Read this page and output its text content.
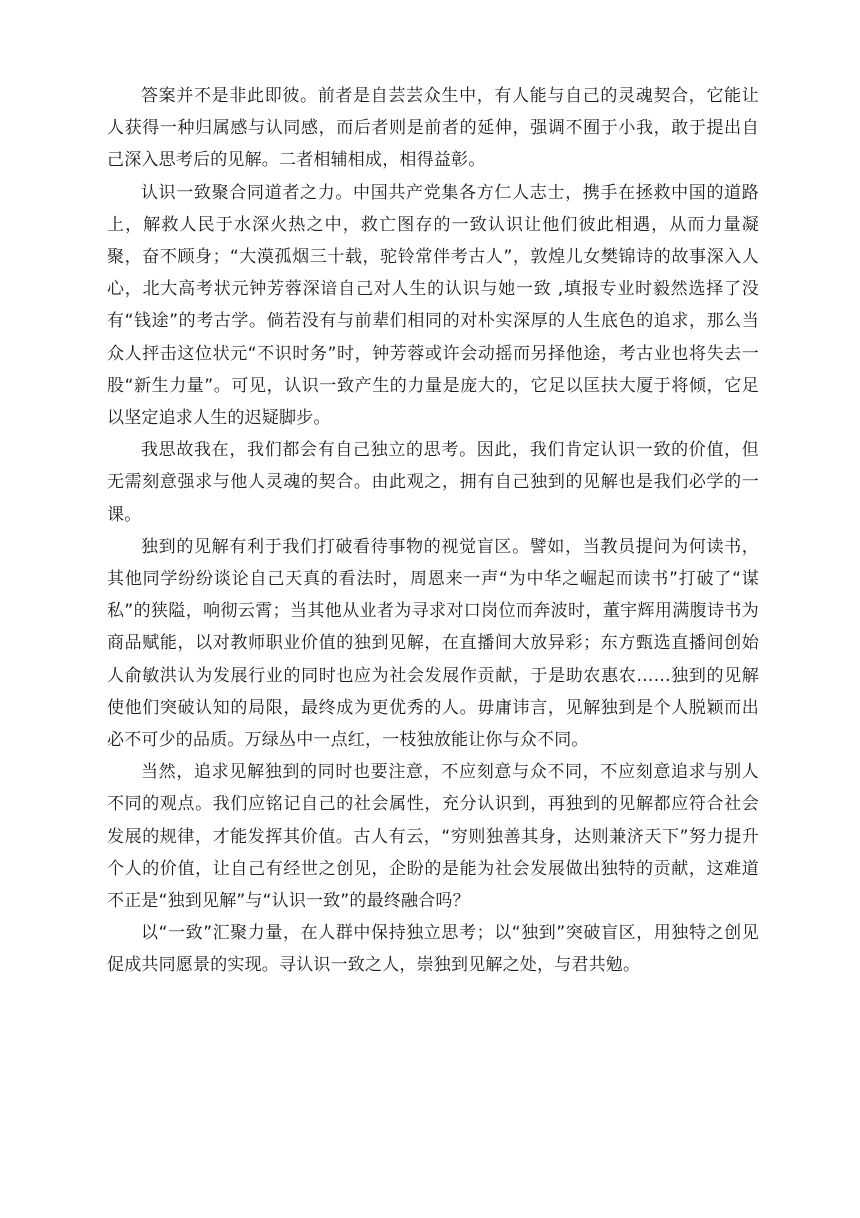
答案并不是非此即彼。前者是自芸芸众生中，有人能与自己的灵魂契合，它能让人获得一种归属感与认同感，而后者则是前者的延伸，强调不囿于小我，敢于提出自己深入思考后的见解。二者相辅相成，相得益彰。

认识一致聚合同道者之力。中国共产党集各方仁人志士，携手在拯救中国的道路上，解救人民于水深火热之中，救亡图存的一致认识让他们彼此相遇，从而力量凝聚，奋不顾身；“大漠孤烟三十载，驼铃常伴考古人”，敦煌儿女樊锦诗的故事深入人心，北大高考状元钟芳蓉深谙自己对人生的认识与她一致 ,填报专业时毅然选择了没有“钱途”的考古学。倘若没有与前辈们相同的对朴实深厚的人生底色的追求，那么当众人抨击这位状元“不识时务”时，钟芳蓉或许会动摇而另择他途，考古业也将失去一股“新生力量”。可见，认识一致产生的力量是庞大的，它足以匡扶大厦于将倾，它足以坚定追求人生的迟疑脚步。

我思故我在，我们都会有自己独立的思考。因此，我们肯定认识一致的价值，但无需刻意强求与他人灵魂的契合。由此观之，拥有自己独到的见解也是我们必学的一课。

独到的见解有利于我们打破看待事物的视觉盲区。譬如，当教员提问为何读书，其他同学纷纷谈论自己天真的看法时，周恩来一声“为中华之崛起而读书”打破了“谋私”的狭隘，响彻云霄；当其他从业者为寻求对口岗位而奔波时，董宇辉用满腹诗书为商品赋能，以对教师职业价值的独到见解，在直播间大放异彩；东方甄选直播间创始人俞敏洪认为发展行业的同时也应为社会发展作贡献，于是助农惠农……独到的见解使他们突破认知的局限，最终成为更优秀的人。毋庸讳言，见解独到是个人脱颖而出必不可少的品质。万绿丛中一点红，一枝独放能让你与众不同。

当然，追求见解独到的同时也要注意，不应刻意与众不同，不应刻意追求与别人不同的观点。我们应铭记自己的社会属性，充分认识到，再独到的见解都应符合社会发展的规律，才能发挥其价值。古人有云，“穷则独善其身，达则兼济天下”努力提升个人的价值，让自己有经世之创见，企盼的是能为社会发展做出独特的贡献，这难道不正是“独到见解”与“认识一致”的最终融合吗？

以“一致”汇聚力量，在人群中保持独立思考；以“独到”突破盲区，用独特之创见促成共同愿景的实现。寻认识一致之人，崇独到见解之处，与君共勉。
